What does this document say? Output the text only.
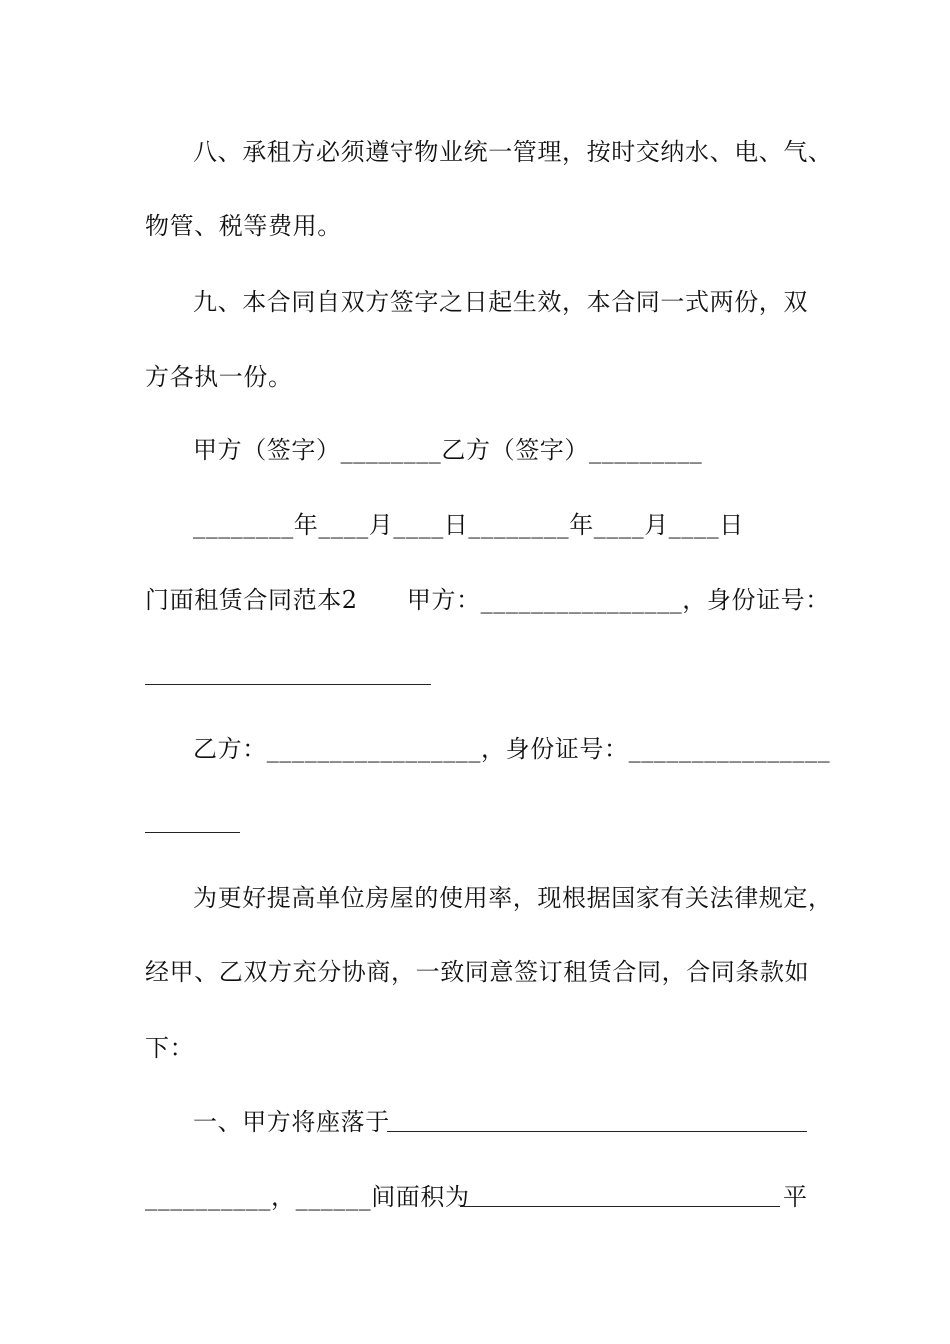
八、承租方必须遵守物业统一管理，按时交纳水、电、气、
物管、税等费用。
九、本合同自双方签字之日起生效，本合同一式两份，双
方各执一份。
甲方（签字）________乙方（签字）_________
________年____月____日________年____月____日
门面租赁合同范本2　　甲方：________________，身份证号：
乙方：_________________，身份证号：________________
为更好提高单位房屋的使用率，现根据国家有关法律规定，
经甲、乙双方充分协商，一致同意签订租赁合同，合同条款如
下：
一、甲方将座落于
__________，______间面积为	平
